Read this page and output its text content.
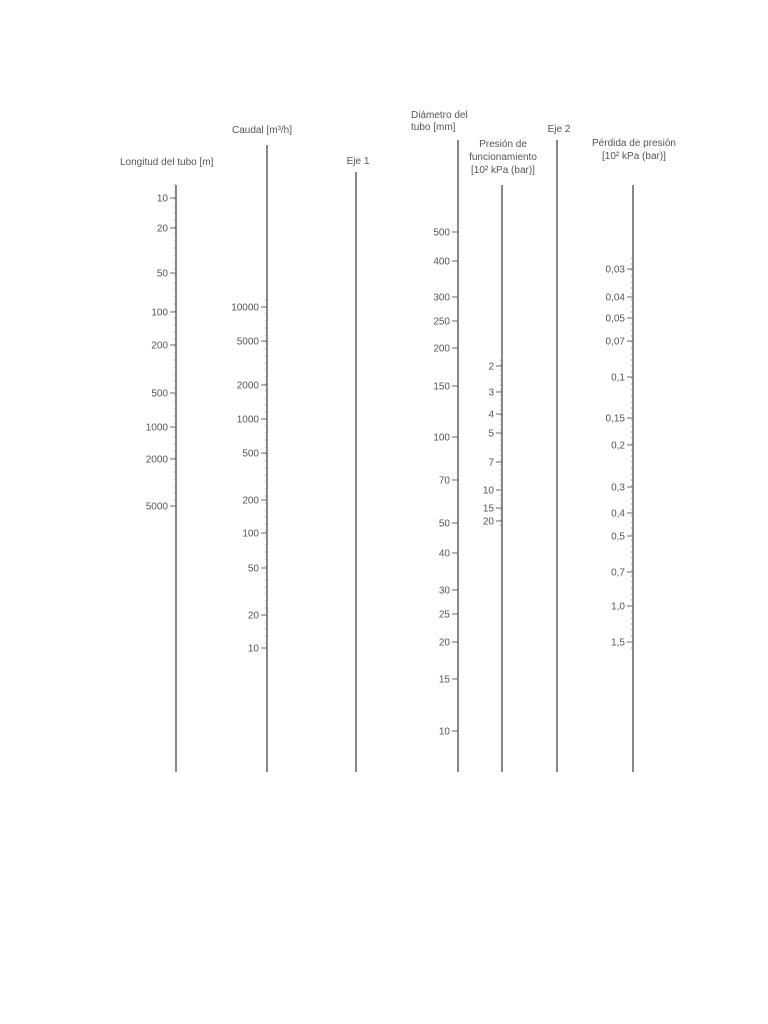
Longitud del tubo [m]
10
20
50
100
200
500
1000
2000
5000
Caudal [m³/h]
10000
5000
2000
1000
500
200
100
50
20
10
Eje 1
Diámetro del
tubo [mm]
500
400
300
250
200
150
100
70
50
40
30
25
20
15
10
Presión de
funcionamiento
[10² kPa (bar)]
2
3
4
5
7
10
15
20
Eje 2
Pérdida de presión
[10² kPa (bar)]
0,03
0,04
0,05
0,07
0,1
0,15
0,2
0,3
0,4
0,5
0,7
1,0
1,5
